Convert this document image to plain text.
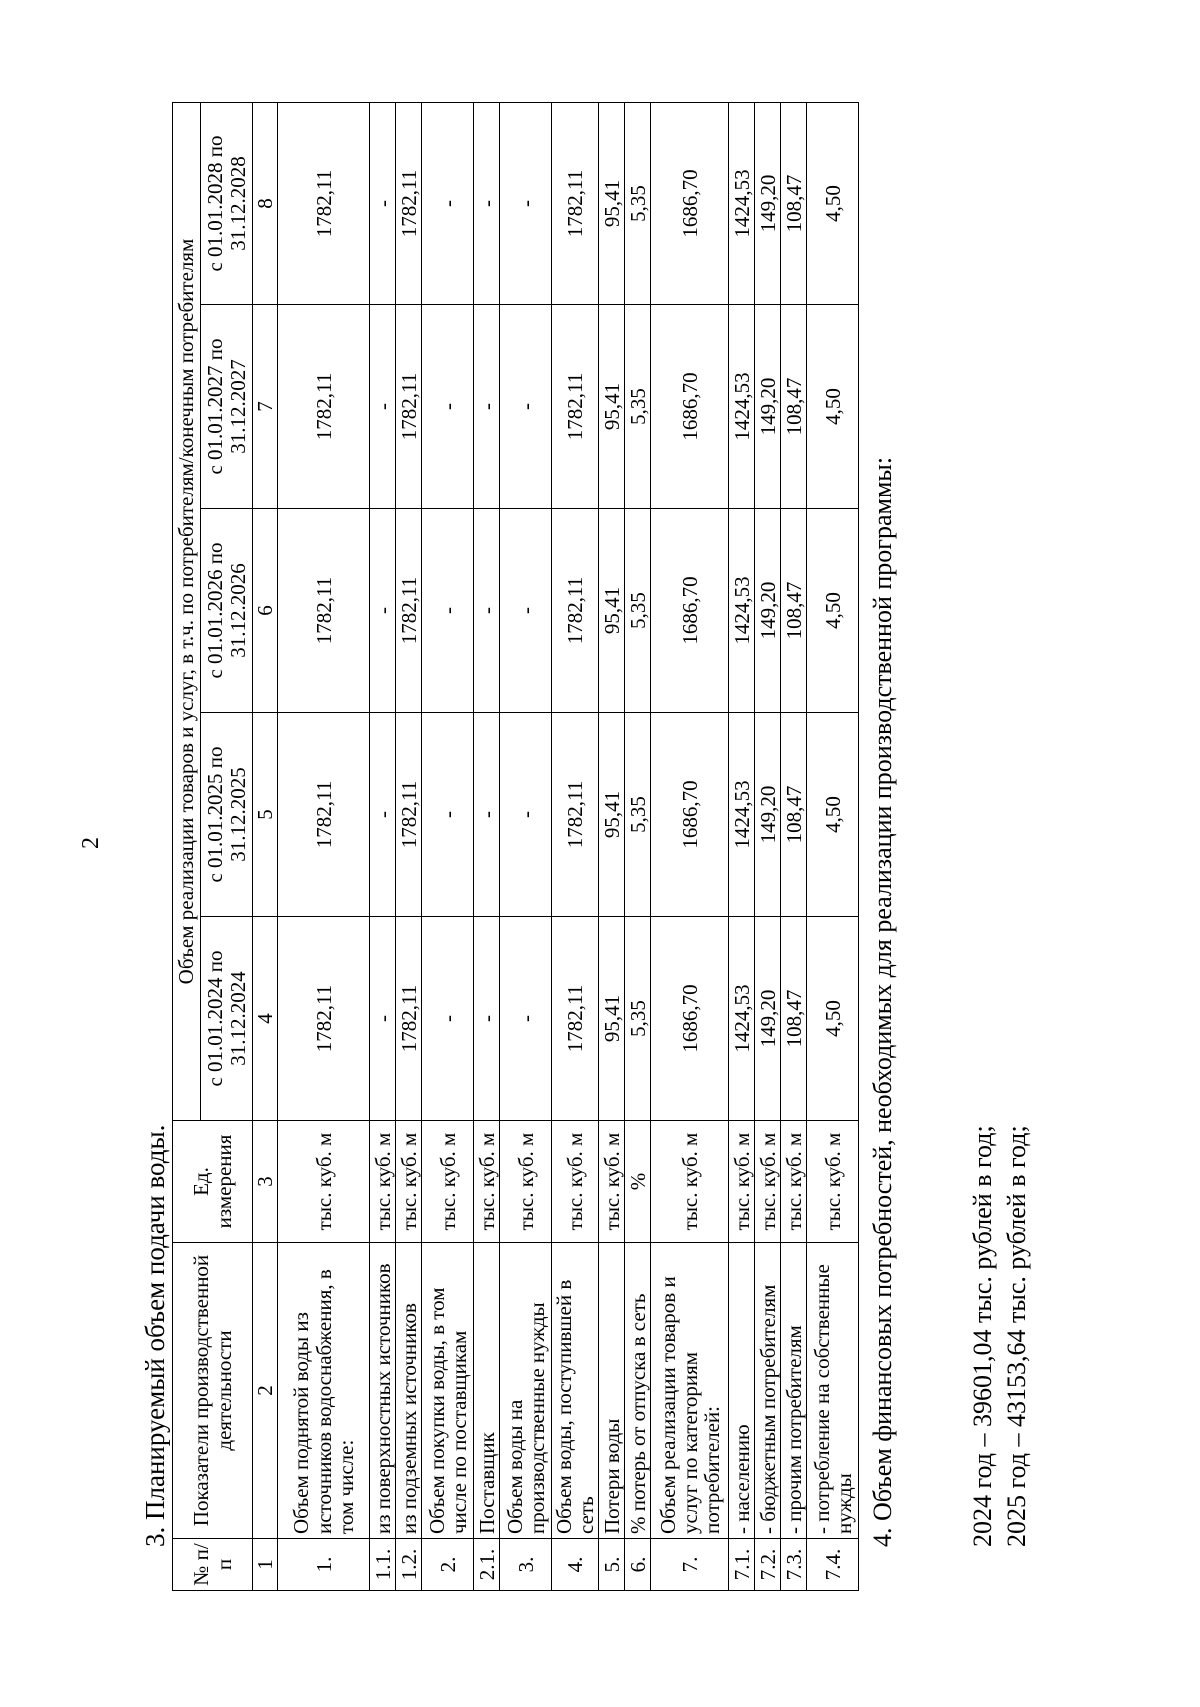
2
3. Планируемый объем подачи воды.
№ п/п	Показатели производственной деятельности	Ед. измерения	Объем реализации товаров и услуг, в т.ч. по потребителям/конечным потребителям				
			с 01.01.2024 по 31.12.2024	с 01.01.2025 по 31.12.2025	с 01.01.2026 по 31.12.2026	с 01.01.2027 по 31.12.2027	с 01.01.2028 по 31.12.2028
1	2	3	4	5	6	7	8
1.	Объем поднятой воды из источников водоснабжения, в том числе:	тыс. куб. м	1782,11	1782,11	1782,11	1782,11	1782,11
1.1.	из поверхностных источников	тыс. куб. м	-	-	-	-	-
1.2.	из подземных источников	тыс. куб. м	1782,11	1782,11	1782,11	1782,11	1782,11
2.	Объем покупки воды, в том числе по поставщикам	тыс. куб. м	-	-	-	-	-
2.1.	Поставщик	тыс. куб. м	-	-	-	-	-
3.	Объем воды на производственные нужды	тыс. куб. м	-	-	-	-	-
4.	Объем воды, поступившей в сеть	тыс. куб. м	1782,11	1782,11	1782,11	1782,11	1782,11
5.	Потери воды	тыс. куб. м	95,41	95,41	95,41	95,41	95,41
6.	% потерь от отпуска в сеть	%	5,35	5,35	5,35	5,35	5,35
7.	Объем реализации товаров и услуг по категориям потребителей:	тыс. куб. м	1686,70	1686,70	1686,70	1686,70	1686,70
7.1.	- населению	тыс. куб. м	1424,53	1424,53	1424,53	1424,53	1424,53
7.2.	- бюджетным потребителям	тыс. куб. м	149,20	149,20	149,20	149,20	149,20
7.3.	- прочим потребителям	тыс. куб. м	108,47	108,47	108,47	108,47	108,47
7.4.	- потребление на собственные нужды	тыс. куб. м	4,50	4,50	4,50	4,50	4,50
4. Объем финансовых потребностей, необходимых для реализации производственной программы:	2024 год – 39601,04 тыс. рублей в год; 2025 год – 43153,64 тыс. рублей в год;
